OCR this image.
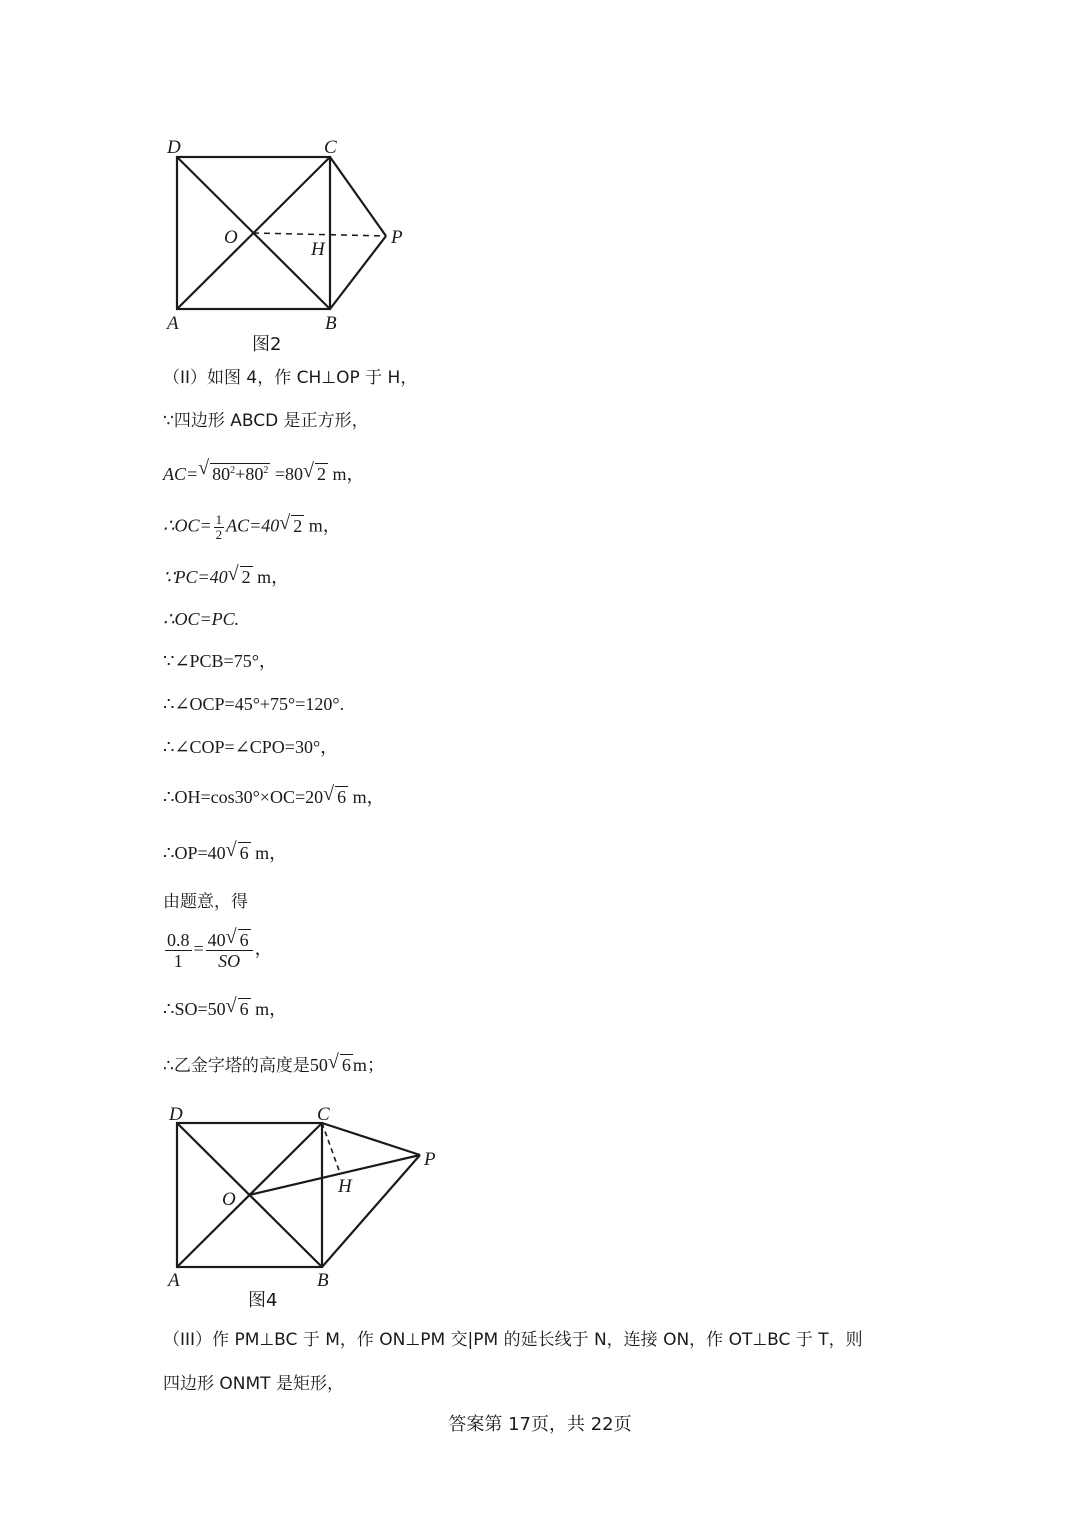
D	C
O
H
P
A	B
图2
（II）如图 4，作 CH⊥OP 于 H，
∵四边形 ABCD 是正方形，
AC=√ $80^2+80^2 =80√$ 2 m，
∴OC= $\frac{1}{2} AC=40√$ 2 m，
∵PC=40√ 2 m，
∴OC=PC.
∵∠PCB=75°，
∴∠OCP=45°+75°=120°.
∴∠COP=∠CPO=30°，
∴OH=cos30°×OC=20√ 6 m，
∴OP=40√ 6 m，
由题意，得
$\frac{0.8}{1} = \frac{40√ 6}{SO}$ ，
∴SO=50√ 6 m，
∴乙金字塔的高度是50√ 6 m；
D	C
O
H
P
A	B
图4
（III）作 PM⊥BC 于 M，作 ON⊥PM 交|PM 的延长线于 N，连接 ON，作 OT⊥BC 于 T，则
四边形 ONMT 是矩形，
答案第 17页，共 22页
